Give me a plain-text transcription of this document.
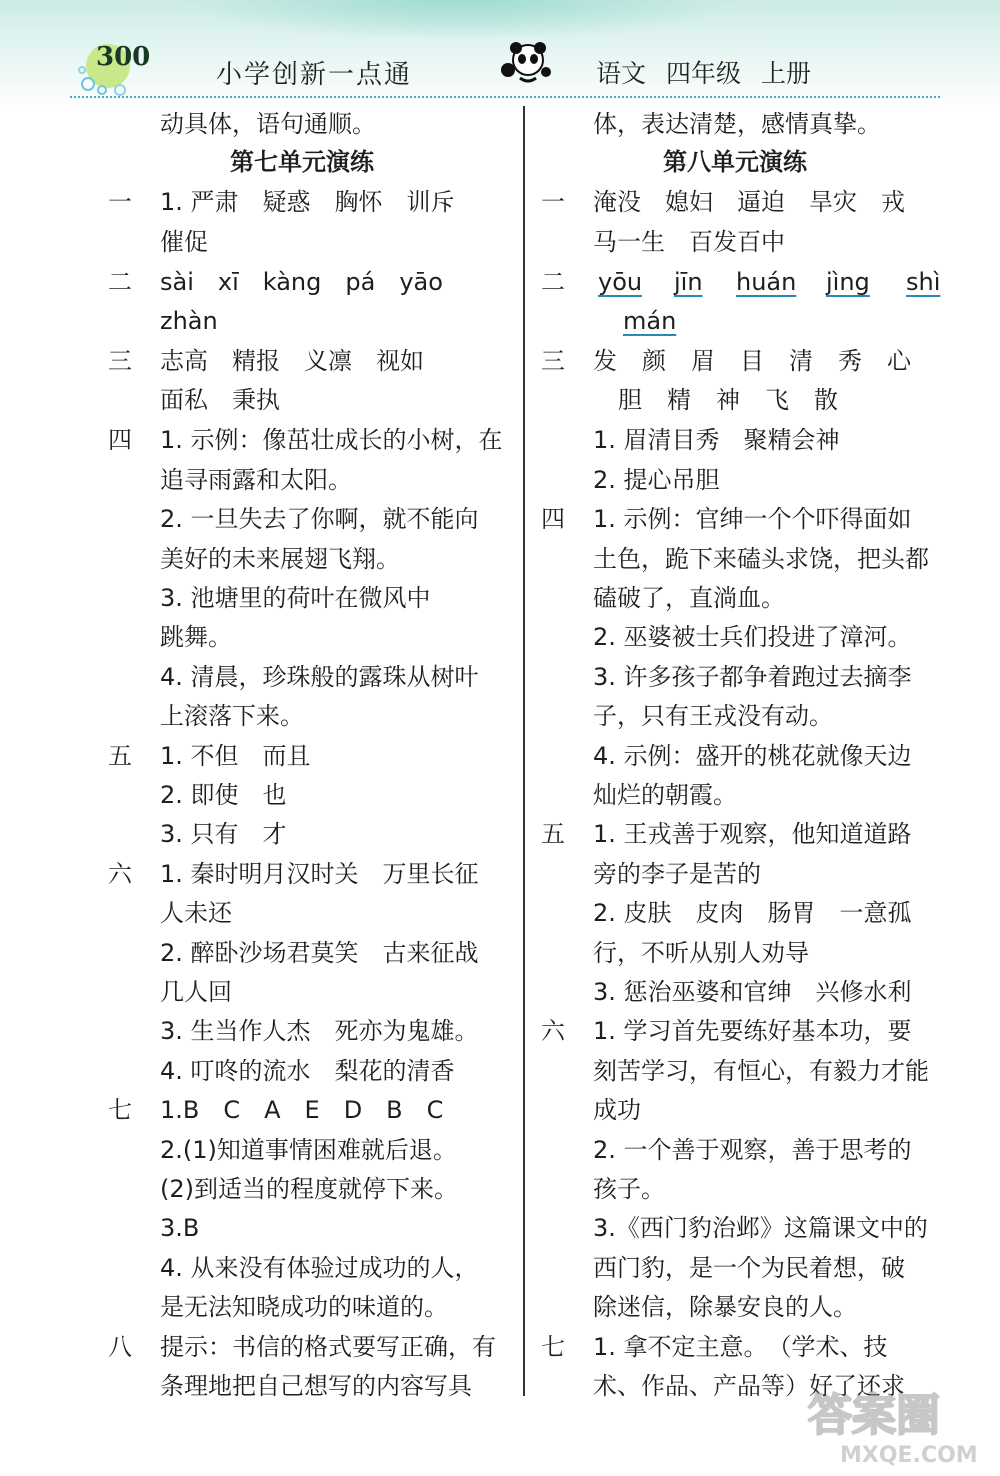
300
小学创新一点通	语文 四年级 上册
动具体，语句通顺。
第七单元演练
一 1. 严肃　疑惑　胸怀　训斥
催促
二 sài　xī　kàng　pá　yāo
zhàn
三 志高　精报　义凛　视如
面私　秉执
四 1. 示例：像茁壮成长的小树，在
追寻雨露和太阳。
2. 一旦失去了你啊，就不能向
美好的未来展翅飞翔。
3. 池塘里的荷叶在微风中
跳舞。
4. 清晨，珍珠般的露珠从树叶
上滚落下来。
五 1. 不但　而且
2. 即使　也
3. 只有　才
六 1. 秦时明月汉时关　万里长征
人未还
2. 醉卧沙场君莫笑　古来征战
几人回
3. 生当作人杰　死亦为鬼雄。
4. 叮咚的流水　梨花的清香
七 1.B　C　A　E　D　B　C
2.(1)知道事情困难就后退。
(2)到适当的程度就停下来。
3.B
4. 从来没有体验过成功的人，
是无法知晓成功的味道的。
八 提示：书信的格式要写正确，有
条理地把自己想写的内容写具
体，表达清楚，感情真挚。
第八单元演练
一 淹没　媳妇　逼迫　旱灾　戎
马一生　百发百中
二 yōu jīn huán jìng shì
mán
三 发　颜　眉　目　清　秀　心
胆　精　神　飞　散
1. 眉清目秀　聚精会神
2. 提心吊胆
四 1. 示例：官绅一个个吓得面如
土色，跪下来磕头求饶，把头都
磕破了，直淌血。
2. 巫婆被士兵们投进了漳河。
3. 许多孩子都争着跑过去摘李
子，只有王戎没有动。
4. 示例：盛开的桃花就像天边
灿烂的朝霞。
五 1. 王戎善于观察，他知道道路
旁的李子是苦的
2. 皮肤　皮肉　肠胃　一意孤
行，不听从别人劝导
3. 惩治巫婆和官绅　兴修水利
六 1. 学习首先要练好基本功，要
刻苦学习，有恒心，有毅力才能
成功
2. 一个善于观察，善于思考的
孩子。
3.《西门豹治邺》这篇课文中的
西门豹，是一个为民着想，破
除迷信，除暴安良的人。
七 1. 拿不定主意。　（学术、技
术、作品、产品等）好了还求
答案圈
MXQE.COM
